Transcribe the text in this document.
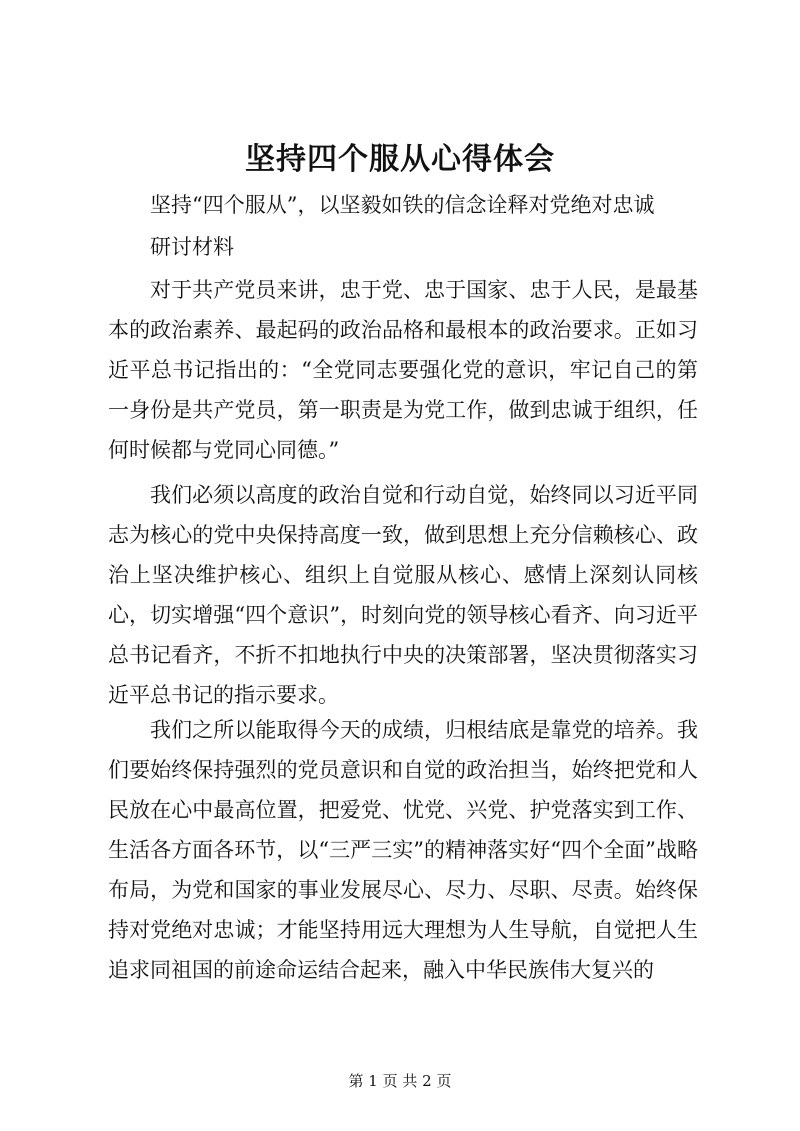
坚持四个服从心得体会
坚持“四个服从”，以坚毅如铁的信念诠释对党绝对忠诚
研讨材料

对于共产党员来讲，忠于党、忠于国家、忠于人民，是最基本的政治素养、最起码的政治品格和最根本的政治要求。正如习近平总书记指出的：“全党同志要强化党的意识，牢记自己的第一身份是共产党员，第一职责是为党工作，做到忠诚于组织，任何时候都与党同心同德。”

我们必须以高度的政治自觉和行动自觉，始终同以习近平同志为核心的党中央保持高度一致，做到思想上充分信赖核心、政治上坚决维护核心、组织上自觉服从核心、感情上深刻认同核心，切实增强“四个意识”，时刻向党的领导核心看齐、向习近平总书记看齐，不折不扣地执行中央的决策部署，坚决贯彻落实习近平总书记的指示要求。

我们之所以能取得今天的成绩，归根结底是靠党的培养。我们要始终保持强烈的党员意识和自觉的政治担当，始终把党和人民放在心中最高位置，把爱党、忧党、兴党、护党落实到工作、生活各方面各环节，以“三严三实”的精神落实好“四个全面”战略布局，为党和国家的事业发展尽心、尽力、尽职、尽责。始终保持对党绝对忠诚；才能坚持用远大理想为人生导航，自觉把人生追求同祖国的前途命运结合起来，融入中华民族伟大复兴的

第 1 页 共 2 页
